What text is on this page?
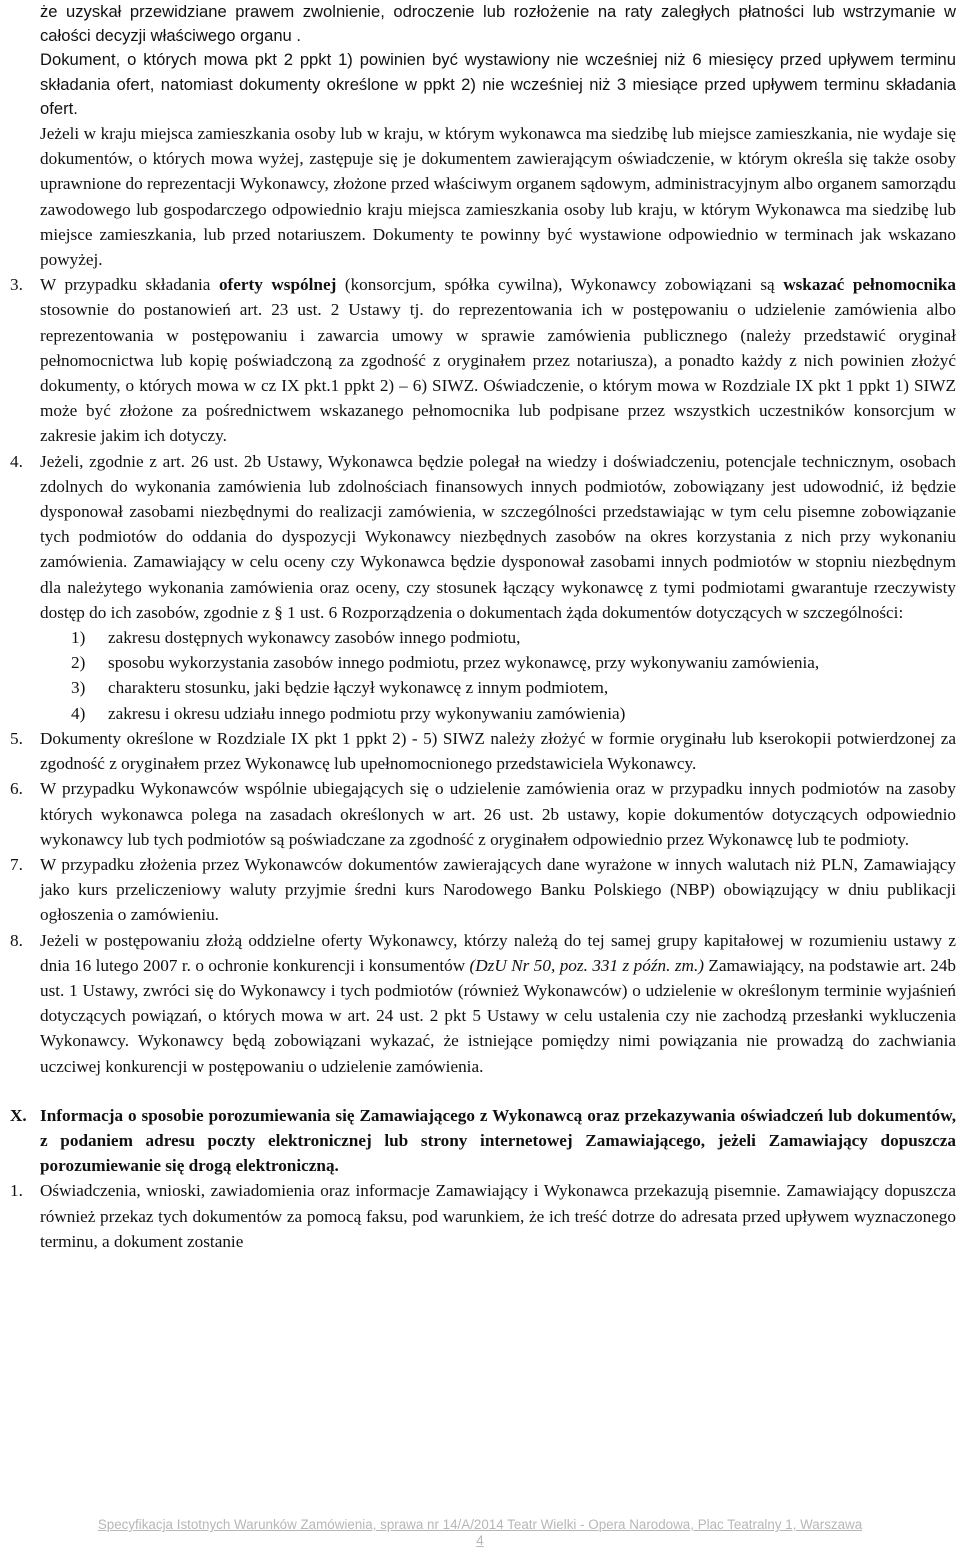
że uzyskał przewidziane prawem zwolnienie, odroczenie lub rozłożenie na raty zaległych płatności lub wstrzymanie w całości decyzji właściwego organu .

Dokument, o których mowa pkt 2 ppkt 1) powinien być wystawiony nie wcześniej niż 6 miesięcy przed upływem terminu składania ofert, natomiast dokumenty określone w ppkt 2) nie wcześniej niż 3 miesiące przed upływem terminu składania ofert.

Jeżeli w kraju miejsca zamieszkania osoby lub w kraju, w którym wykonawca ma siedzibę lub miejsce zamieszkania, nie wydaje się dokumentów, o których mowa wyżej, zastępuje się je dokumentem zawierającym oświadczenie, w którym określa się także osoby uprawnione do reprezentacji Wykonawcy, złożone przed właściwym organem sądowym, administracyjnym albo organem samorządu zawodowego lub gospodarczego odpowiednio kraju miejsca zamieszkania osoby lub kraju, w którym Wykonawca ma siedzibę lub miejsce zamieszkania, lub przed notariuszem. Dokumenty te powinny być wystawione odpowiednio w terminach jak wskazano powyżej.

3. W przypadku składania oferty wspólnej (konsorcjum, spółka cywilna), Wykonawcy zobowiązani są wskazać pełnomocnika stosownie do postanowień art. 23 ust. 2 Ustawy tj. do reprezentowania ich w postępowaniu o udzielenie zamówienia albo reprezentowania w postępowaniu i zawarcia umowy w sprawie zamówienia publicznego (należy przedstawić oryginał pełnomocnictwa lub kopię poświadczoną za zgodność z oryginałem przez notariusza), a ponadto każdy z nich powinien złożyć dokumenty, o których mowa w cz IX pkt.1 ppkt 2) – 6) SIWZ. Oświadczenie, o którym mowa w Rozdziale IX pkt 1 ppkt 1) SIWZ może być złożone za pośrednictwem wskazanego pełnomocnika lub podpisane przez wszystkich uczestników konsorcjum w zakresie jakim ich dotyczy.

4. Jeżeli, zgodnie z art. 26 ust. 2b Ustawy, Wykonawca będzie polegał na wiedzy i doświadczeniu, potencjale technicznym, osobach zdolnych do wykonania zamówienia lub zdolnościach finansowych innych podmiotów, zobowiązany jest udowodnić, iż będzie dysponował zasobami niezbędnymi do realizacji zamówienia, w szczególności przedstawiając w tym celu pisemne zobowiązanie tych podmiotów do oddania do dyspozycji Wykonawcy niezbędnych zasobów na okres korzystania z nich przy wykonaniu zamówienia. Zamawiający w celu oceny czy Wykonawca będzie dysponował zasobami innych podmiotów w stopniu niezbędnym dla należytego wykonania zamówienia oraz oceny, czy stosunek łączący wykonawcę z tymi podmiotami gwarantuje rzeczywisty dostęp do ich zasobów, zgodnie z § 1 ust. 6 Rozporządzenia o dokumentach żąda dokumentów dotyczących w szczególności:

1)	zakresu dostępnych wykonawcy zasobów innego podmiotu,
2)	sposobu wykorzystania zasobów innego podmiotu, przez wykonawcę, przy wykonywaniu zamówienia,
3)	charakteru stosunku, jaki będzie łączył wykonawcę z innym podmiotem,
4)	zakresu i okresu udziału innego podmiotu przy wykonywaniu zamówienia)
5. Dokumenty określone w Rozdziale IX pkt 1 ppkt 2) - 5) SIWZ należy złożyć w formie oryginału lub kserokopii potwierdzonej za zgodność z oryginałem przez Wykonawcę lub upełnomocnionego przedstawiciela Wykonawcy.

6. W przypadku Wykonawców wspólnie ubiegających się o udzielenie zamówienia oraz w przypadku innych podmiotów na zasoby których wykonawca polega na zasadach określonych w art. 26 ust. 2b ustawy, kopie dokumentów dotyczących odpowiednio wykonawcy lub tych podmiotów są poświadczane za zgodność z oryginałem odpowiednio przez Wykonawcę lub te podmioty.

7. W przypadku złożenia przez Wykonawców dokumentów zawierających dane wyrażone w innych walutach niż PLN, Zamawiający jako kurs przeliczeniowy waluty przyjmie średni kurs Narodowego Banku Polskiego (NBP) obowiązujący w dniu publikacji ogłoszenia o zamówieniu.

8. Jeżeli w postępowaniu złożą oddzielne oferty Wykonawcy, którzy należą do tej samej grupy kapitałowej w rozumieniu ustawy z dnia 16 lutego 2007 r. o ochronie konkurencji i konsumentów (DzU Nr 50, poz. 331 z późn. zm.) Zamawiający, na podstawie art. 24b ust. 1 Ustawy, zwróci się do Wykonawcy i tych podmiotów (również Wykonawców) o udzielenie w określonym terminie wyjaśnień dotyczących powiązań, o których mowa w art. 24 ust. 2 pkt 5 Ustawy w celu ustalenia czy nie zachodzą przesłanki wykluczenia Wykonawcy. Wykonawcy będą zobowiązani wykazać, że istniejące pomiędzy nimi powiązania nie prowadzą do zachwiania uczciwej konkurencji w postępowaniu o udzielenie zamówienia.

X. Informacja o sposobie porozumiewania się Zamawiającego z Wykonawcą oraz przekazywania oświadczeń lub dokumentów, z podaniem adresu poczty elektronicznej lub strony internetowej Zamawiającego, jeżeli Zamawiający dopuszcza porozumiewanie się drogą elektroniczną.

1. Oświadczenia, wnioski, zawiadomienia oraz informacje Zamawiający i Wykonawca przekazują pisemnie. Zamawiający dopuszcza również przekaz tych dokumentów za pomocą faksu, pod warunkiem, że ich treść dotrze do adresata przed upływem wyznaczonego terminu, a dokument zostanie

Specyfikacja Istotnych Warunków Zamówienia, sprawa nr 14/A/2014 Teatr Wielki - Opera Narodowa, Plac Teatralny 1, Warszawa
4
